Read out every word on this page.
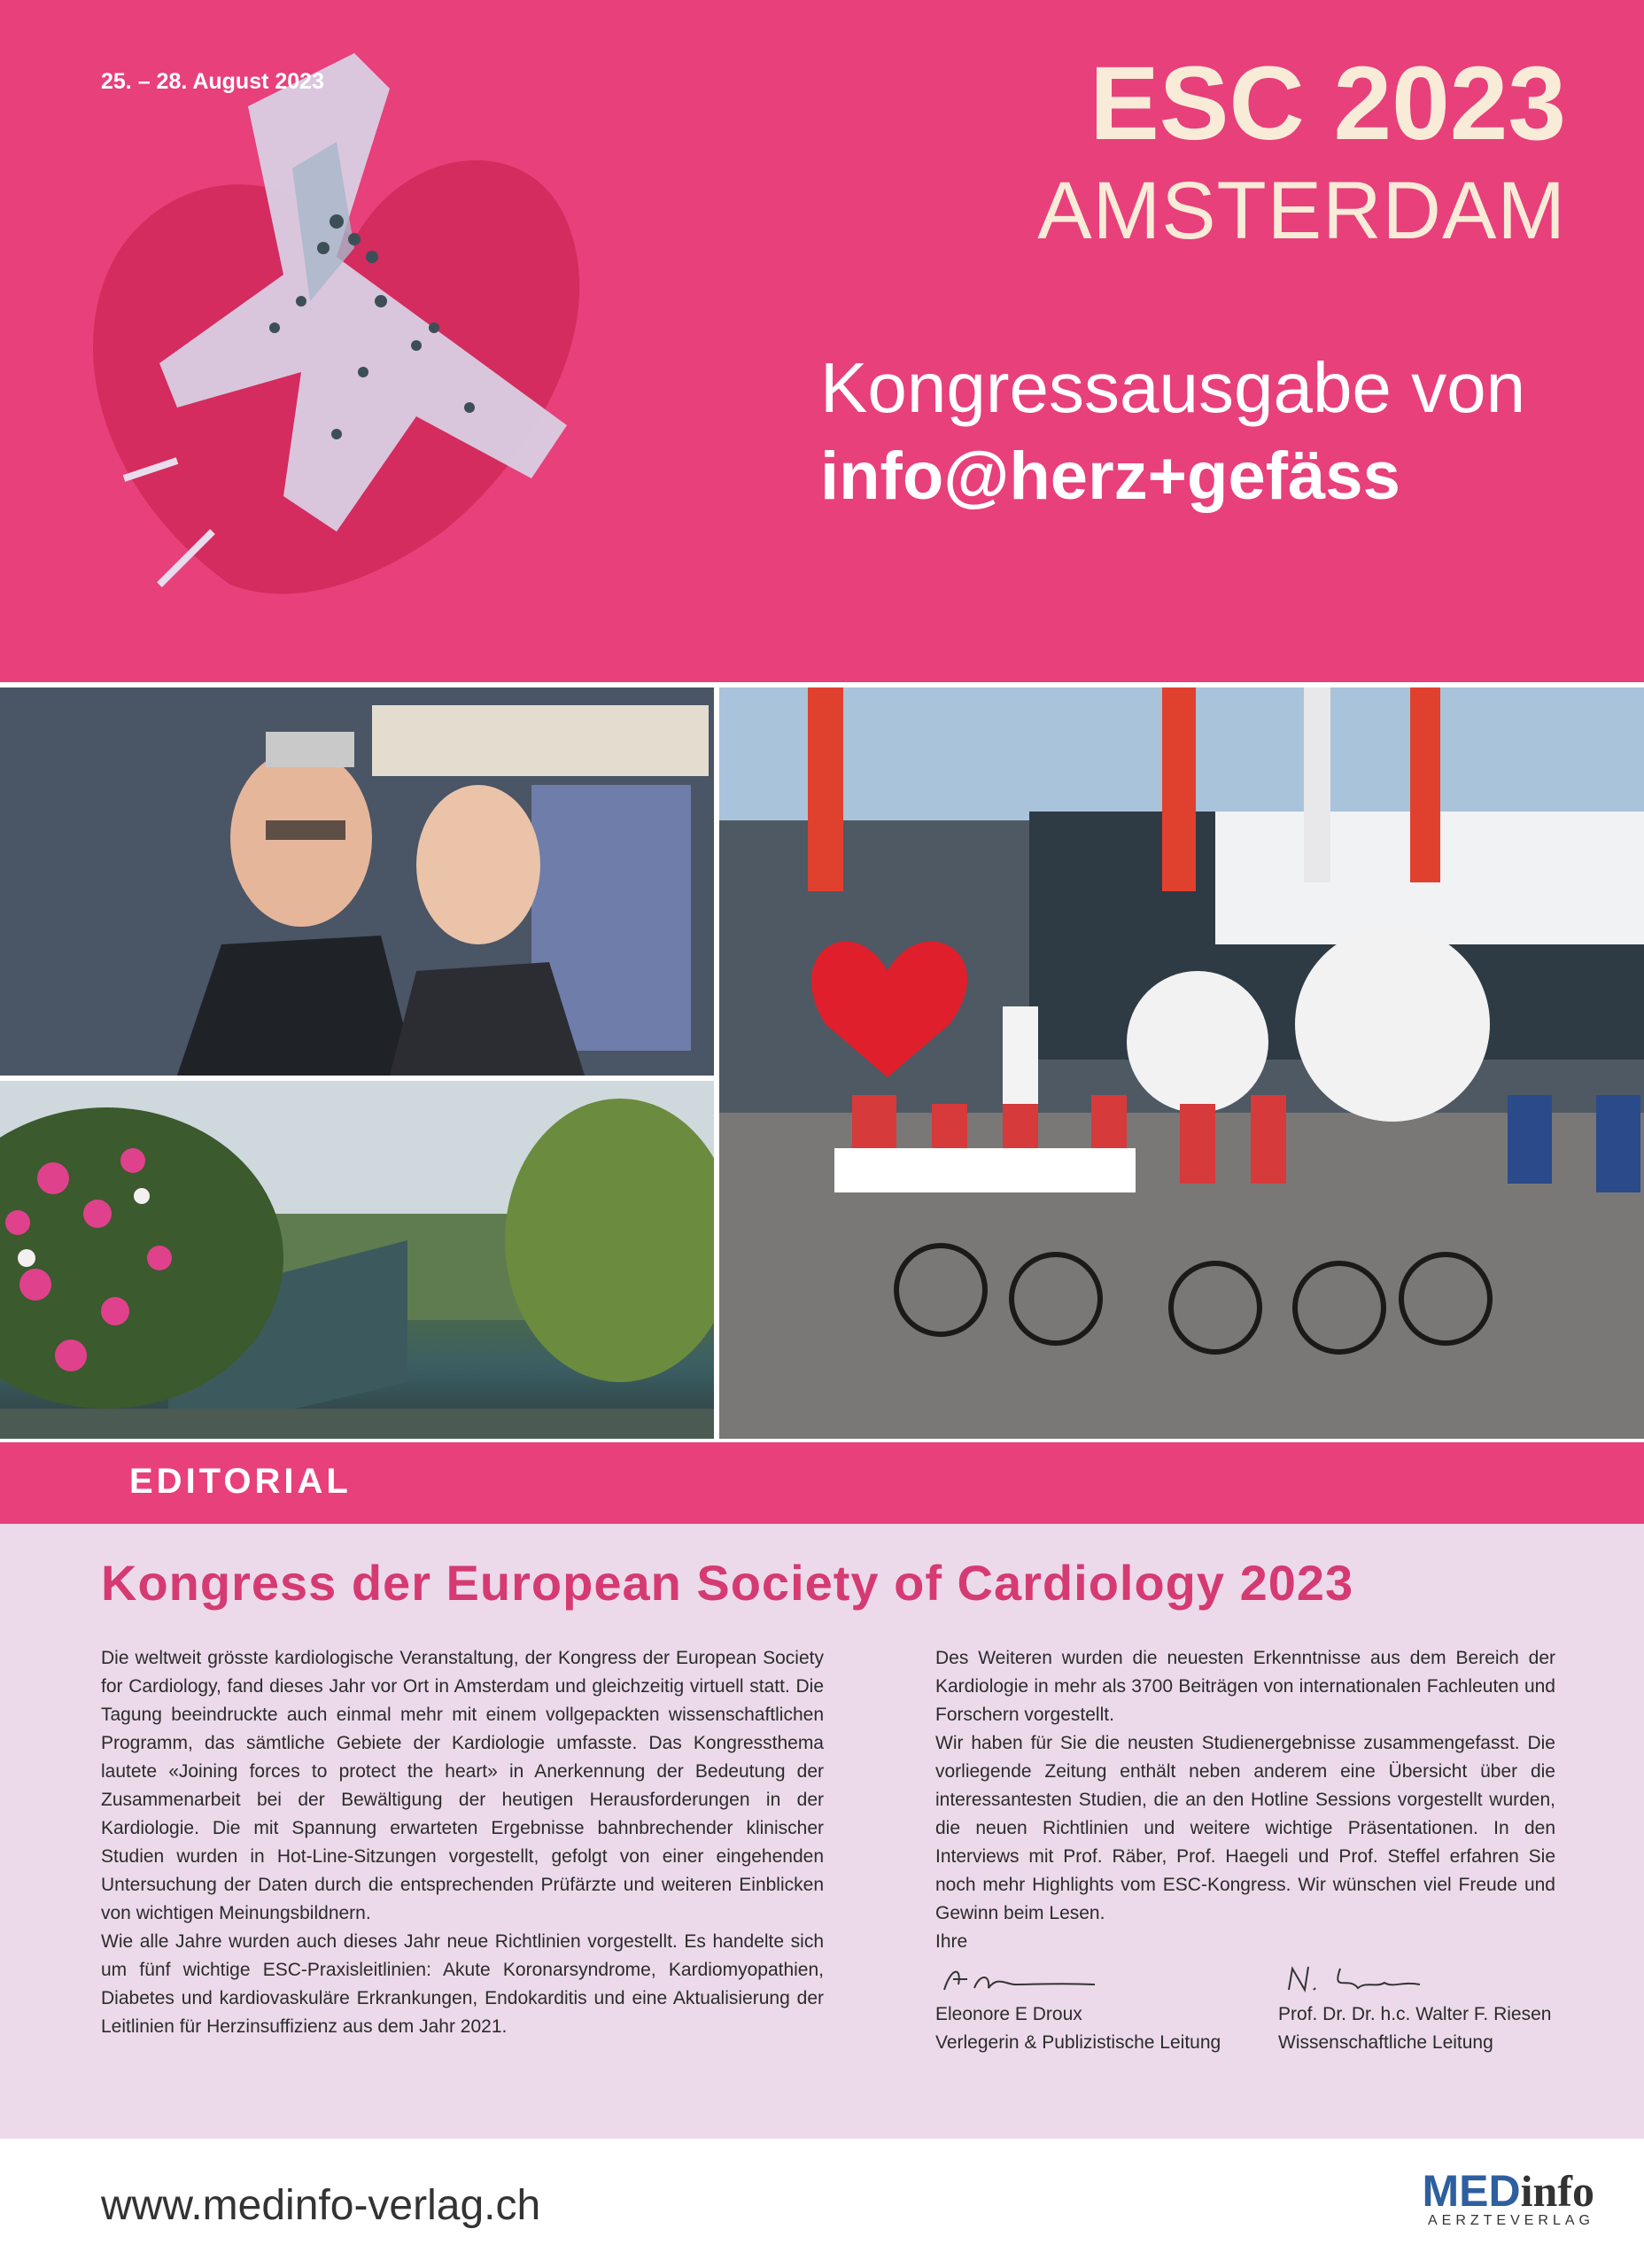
25. – 28. August 2023	ESC 2023
AMSTERDAM
Kongressausgabe von
info@herz+gefäss
EDITORIAL
Kongress der European Society of Cardiology 2023

Die weltweit grösste kardiologische Veranstaltung, der Kongress der European Society for Cardiology, fand dieses Jahr vor Ort in Amsterdam und gleichzeitig virtuell statt. Die Tagung beeindruckte auch einmal mehr mit einem vollgepackten wissenschaftlichen Programm, das sämtliche Gebiete der Kardiologie umfasste. Das Kongressthema lautete «Joining forces to protect the heart» in Anerkennung der Bedeutung der Zusammenarbeit bei der Bewältigung der heutigen Herausforderungen in der Kardiologie. Die mit Spannung erwarteten Ergebnisse bahnbrechender klinischer Studien wurden in Hot-Line-Sitzungen vorgestellt, gefolgt von einer eingehenden Untersuchung der Daten durch die entsprechenden Prüfärzte und weiteren Einblicken von wichtigen Meinungsbildnern.

Wie alle Jahre wurden auch dieses Jahr neue Richtlinien vorgestellt. Es handelte sich um fünf wichtige ESC-Praxisleitlinien: Akute Koronarsyndrome, Kardiomyopathien, Diabetes und kardiovaskuläre Erkrankungen, Endokarditis und eine Aktualisierung der Leitlinien für Herzinsuffizienz aus dem Jahr 2021.

Des Weiteren wurden die neuesten Erkenntnisse aus dem Bereich der Kardiologie in mehr als 3700 Beiträgen von internationalen Fachleuten und Forschern vorgestellt.

Wir haben für Sie die neusten Studienergebnisse zusammengefasst. Die vorliegende Zeitung enthält neben anderem eine Übersicht über die interessantesten Studien, die an den Hotline Sessions vorgestellt wurden, die neuen Richtlinien und weitere wichtige Präsentationen. In den Interviews mit Prof. Räber, Prof. Haegeli und Prof. Steffel erfahren Sie noch mehr Highlights vom ESC-Kongress. Wir wünschen viel Freude und Gewinn beim Lesen.

Ihre

Eleonore E Droux
Verlegerin & Publizistische Leitung
Prof. Dr. Dr. h.c. Walter F. Riesen
Wissenschaftliche Leitung
www.medinfo-verlag.ch	MEDinfo
AERZTEVERLAG
